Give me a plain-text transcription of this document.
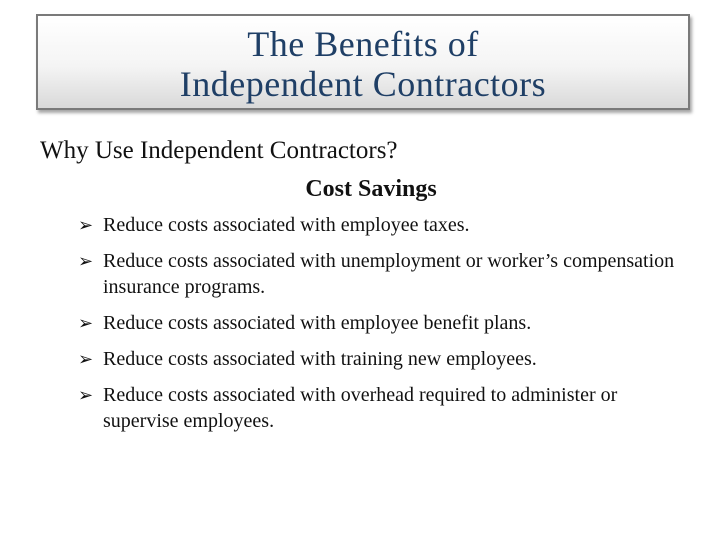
The Benefits of
Independent Contractors
Why Use Independent Contractors?
Cost Savings
➢ Reduce costs associated with employee taxes.
➢ Reduce costs associated with unemployment or worker’s compensation insurance programs.
➢ Reduce costs associated with employee benefit plans.
➢ Reduce costs associated with training new employees.
➢ Reduce costs associated with overhead required to administer or supervise employees.
